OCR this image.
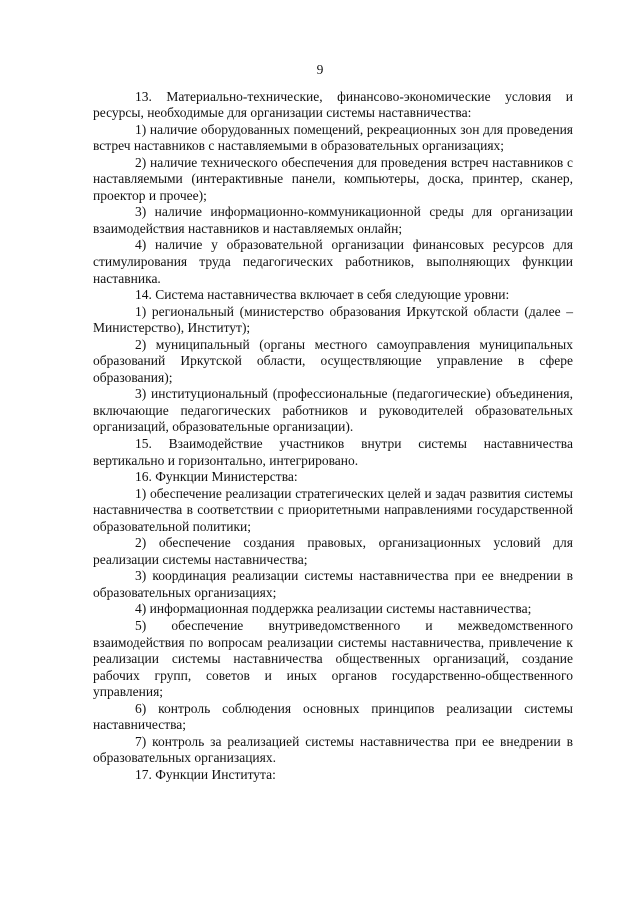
9

13. Материально-технические, финансово-экономические условия и ресурсы, необходимые для организации системы наставничества:

1) наличие оборудованных помещений, рекреационных зон для проведения встреч наставников с наставляемыми в образовательных организациях;

2) наличие технического обеспечения для проведения встреч наставников с наставляемыми (интерактивные панели, компьютеры, доска, принтер, сканер, проектор и прочее);

3) наличие информационно-коммуникационной среды для организации взаимодействия наставников и наставляемых онлайн;

4) наличие у образовательной организации финансовых ресурсов для стимулирования труда педагогических работников, выполняющих функции наставника.

14. Система наставничества включает в себя следующие уровни:

1) региональный (министерство образования Иркутской области (далее – Министерство), Институт);

2) муниципальный (органы местного самоуправления муниципальных образований Иркутской области, осуществляющие управление в сфере образования);

3) институциональный (профессиональные (педагогические) объединения, включающие педагогических работников и руководителей образовательных организаций, образовательные организации).

15. Взаимодействие участников внутри системы наставничества вертикально и горизонтально, интегрировано.

16. Функции Министерства:

1) обеспечение реализации стратегических целей и задач развития системы наставничества в соответствии с приоритетными направлениями государственной образовательной политики;

2) обеспечение создания правовых, организационных условий для реализации системы наставничества;

3) координация реализации системы наставничества при ее внедрении в образовательных организациях;

4) информационная поддержка реализации системы наставничества;

5) обеспечение внутриведомственного и межведомственного взаимодействия по вопросам реализации системы наставничества, привлечение к реализации системы наставничества общественных организаций, создание рабочих групп, советов и иных органов государственно-общественного управления;

6) контроль соблюдения основных принципов реализации системы наставничества;

7) контроль за реализацией системы наставничества при ее внедрении в образовательных организациях.

17. Функции Института:
